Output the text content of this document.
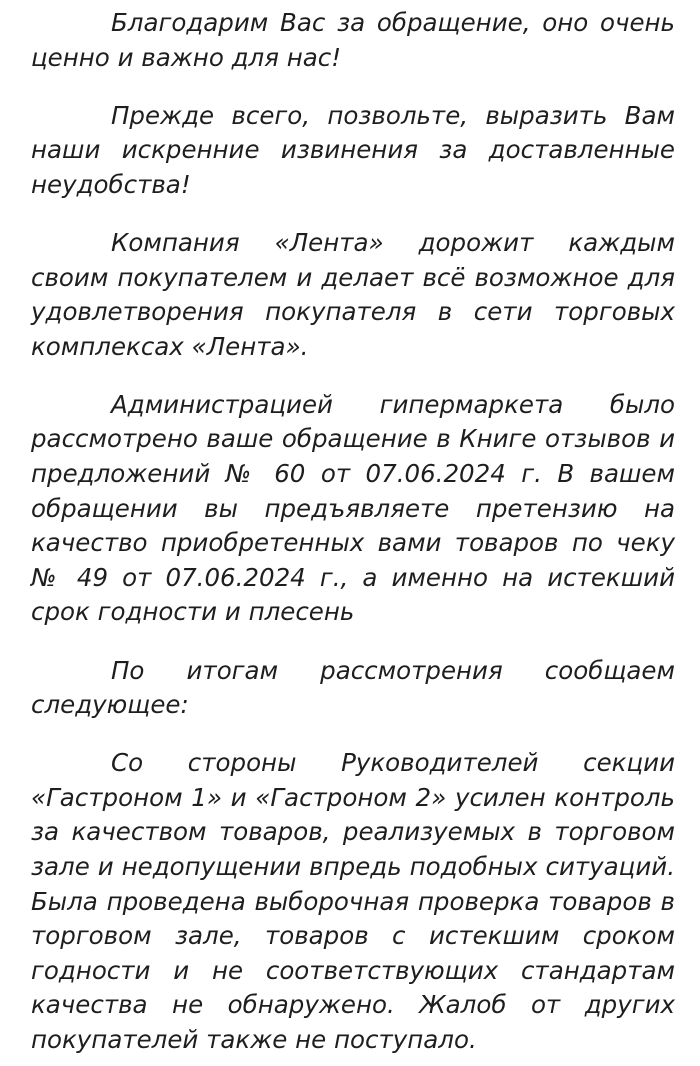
Благодарим Вас за обращение, оно очень ценно и важно для нас!

Прежде всего, позвольте, выразить Вам наши искренние извинения за доставленные неудобства!

Компания «Лента» дорожит каждым своим покупателем и делает всё возможное для удовлетворения покупателя в сети торговых комплексах «Лента».

Администрацией гипермаркета было рассмотрено ваше обращение в Книге отзывов и предложений № 60 от 07.06.2024 г. В вашем обращении вы предъявляете претензию на качество приобретенных вами товаров по чеку № 49 от 07.06.2024 г., а именно на истекший срок годности и плесень

По итогам рассмотрения сообщаем следующее:

Со стороны Руководителей секции «Гастроном 1» и «Гастроном 2» усилен контроль за качеством товаров, реализуемых в торговом зале и недопущении впредь подобных ситуаций. Была проведена выборочная проверка товаров в торговом зале, товаров с истекшим сроком годности и не соответствующих стандартам качества не обнаружено. Жалоб от других покупателей также не поступало.
